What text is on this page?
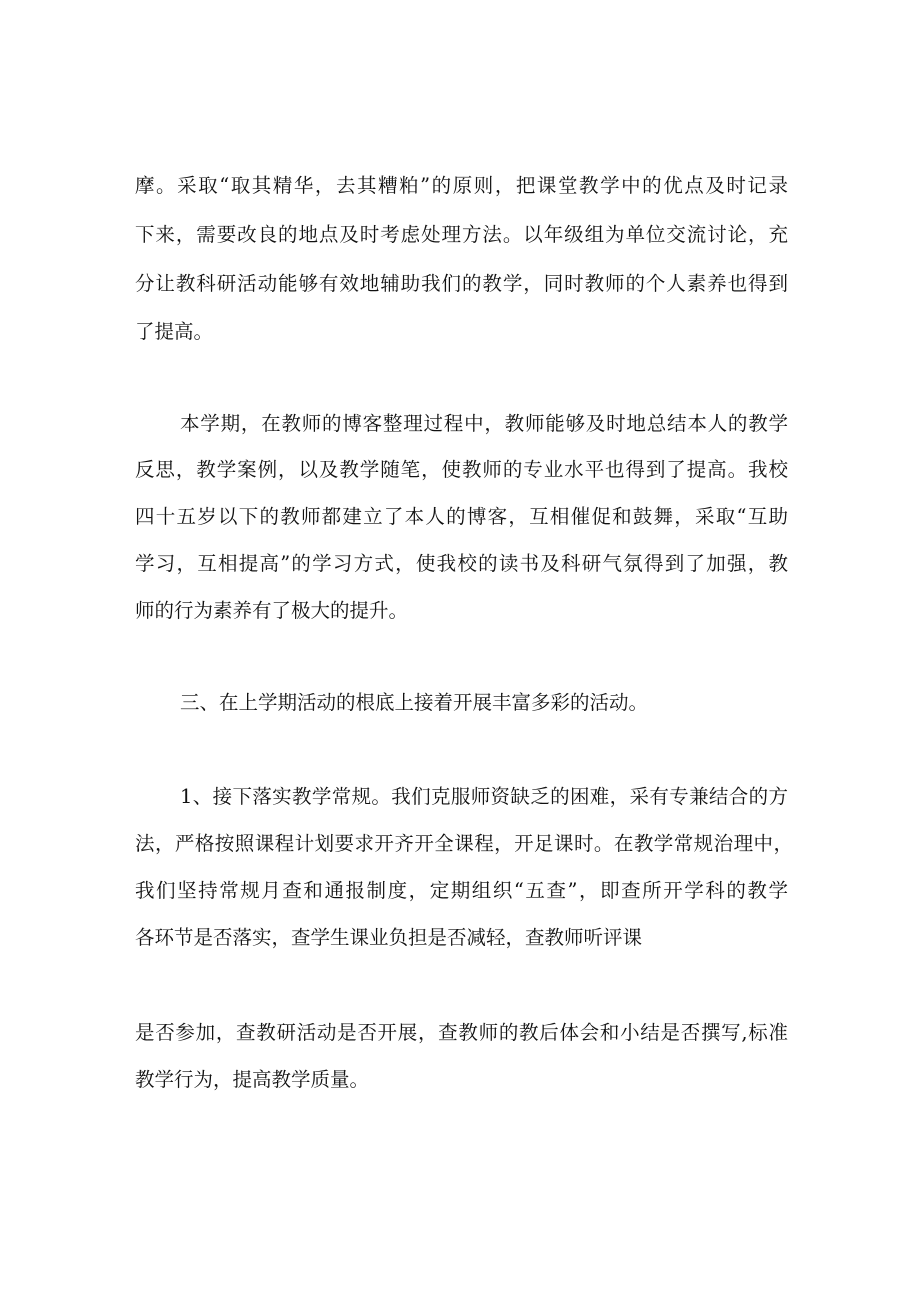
摩。采取“取其精华，去其糟粕”的原则，把课堂教学中的优点及时记录
下来，需要改良的地点及时考虑处理方法。以年级组为单位交流讨论，充
分让教科研活动能够有效地辅助我们的教学，同时教师的个人素养也得到
了提高。
本学期，在教师的博客整理过程中，教师能够及时地总结本人的教学
反思，教学案例，以及教学随笔，使教师的专业水平也得到了提高。我校
四十五岁以下的教师都建立了本人的博客，互相催促和鼓舞，采取“互助
学习，互相提高”的学习方式，使我校的读书及科研气氛得到了加强，教
师的行为素养有了极大的提升。
三、在上学期活动的根底上接着开展丰富多彩的活动。
1、接下落实教学常规。我们克服师资缺乏的困难，采有专兼结合的方
法，严格按照课程计划要求开齐开全课程，开足课时。在教学常规治理中，
我们坚持常规月查和通报制度，定期组织“五查”，即查所开学科的教学
各环节是否落实，查学生课业负担是否减轻，查教师听评课
是否参加，查教研活动是否开展，查教师的教后体会和小结是否撰写,标准
教学行为，提高教学质量。
